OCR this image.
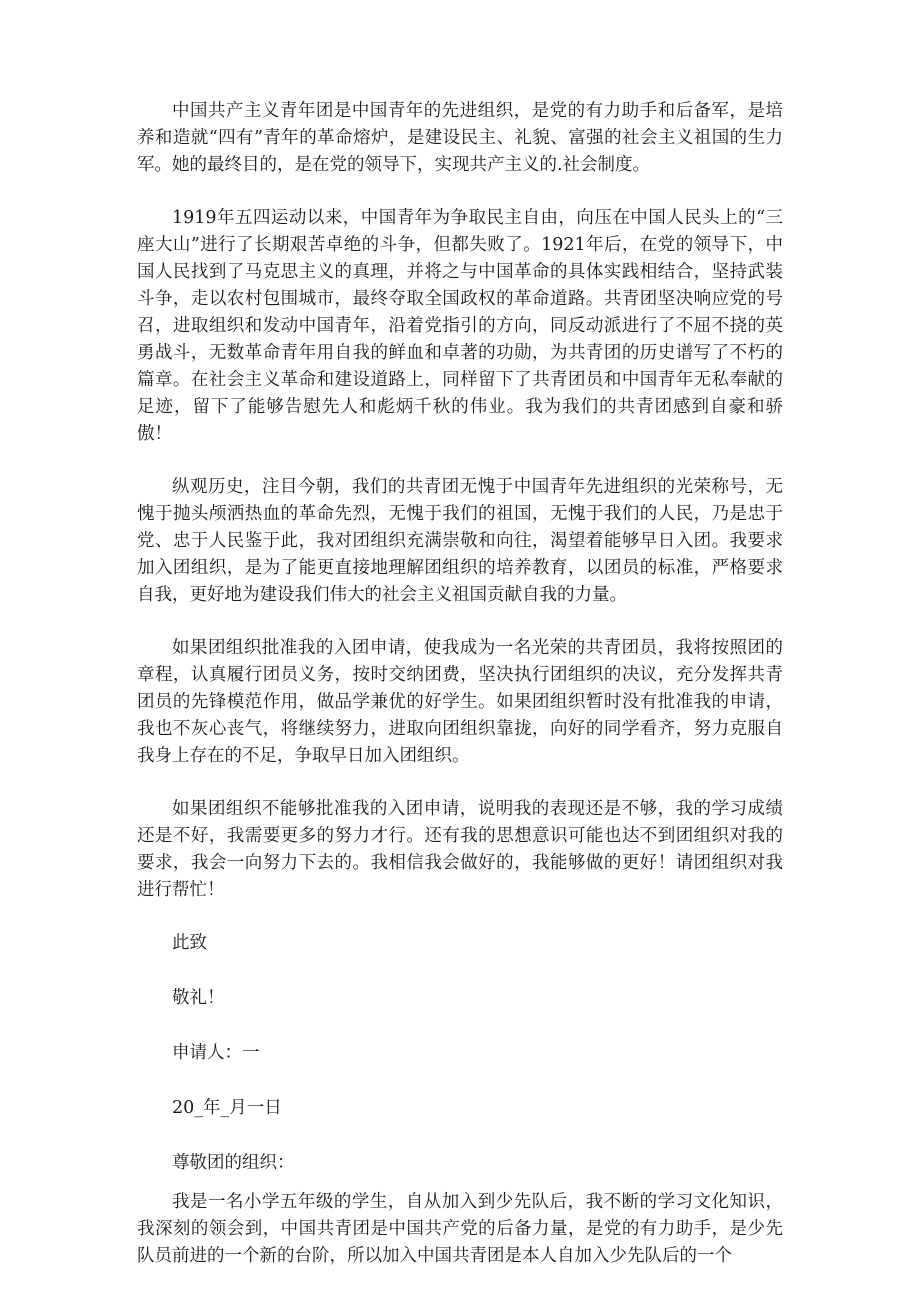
中国共产主义青年团是中国青年的先进组织，是党的有力助手和后备军，是培养和造就“四有”青年的革命熔炉，是建设民主、礼貌、富强的社会主义祖国的生力军。她的最终目的，是在党的领导下，实现共产主义的.社会制度。

1919年五四运动以来，中国青年为争取民主自由，向压在中国人民头上的“三座大山”进行了长期艰苦卓绝的斗争，但都失败了。1921年后，在党的领导下，中国人民找到了马克思主义的真理，并将之与中国革命的具体实践相结合，坚持武装斗争，走以农村包围城市，最终夺取全国政权的革命道路。共青团坚决响应党的号召，进取组织和发动中国青年，沿着党指引的方向，同反动派进行了不屈不挠的英勇战斗，无数革命青年用自我的鲜血和卓著的功勋，为共青团的历史谱写了不朽的篇章。在社会主义革命和建设道路上，同样留下了共青团员和中国青年无私奉献的足迹，留下了能够告慰先人和彪炳千秋的伟业。我为我们的共青团感到自豪和骄傲！

纵观历史，注目今朝，我们的共青团无愧于中国青年先进组织的光荣称号，无愧于抛头颅洒热血的革命先烈，无愧于我们的祖国，无愧于我们的人民，乃是忠于党、忠于人民鉴于此，我对团组织充满崇敬和向往，渴望着能够早日入团。我要求加入团组织，是为了能更直接地理解团组织的培养教育，以团员的标准，严格要求自我，更好地为建设我们伟大的社会主义祖国贡献自我的力量。

如果团组织批准我的入团申请，使我成为一名光荣的共青团员，我将按照团的章程，认真履行团员义务，按时交纳团费，坚决执行团组织的决议，充分发挥共青团员的先锋模范作用，做品学兼优的好学生。如果团组织暂时没有批准我的申请，我也不灰心丧气，将继续努力，进取向团组织靠拢，向好的同学看齐，努力克服自我身上存在的不足，争取早日加入团组织。

如果团组织不能够批准我的入团申请，说明我的表现还是不够，我的学习成绩还是不好，我需要更多的努力才行。还有我的思想意识可能也达不到团组织对我的要求，我会一向努力下去的。我相信我会做好的，我能够做的更好！请团组织对我进行帮忙！

此致

敬礼！

申请人：一

20_年_月一日

尊敬团的组织：

我是一名小学五年级的学生，自从加入到少先队后，我不断的学习文化知识，我深刻的领会到，中国共青团是中国共产党的后备力量，是党的有力助手，是少先队员前进的一个新的台阶，所以加入中国共青团是本人自加入少先队后的一个
